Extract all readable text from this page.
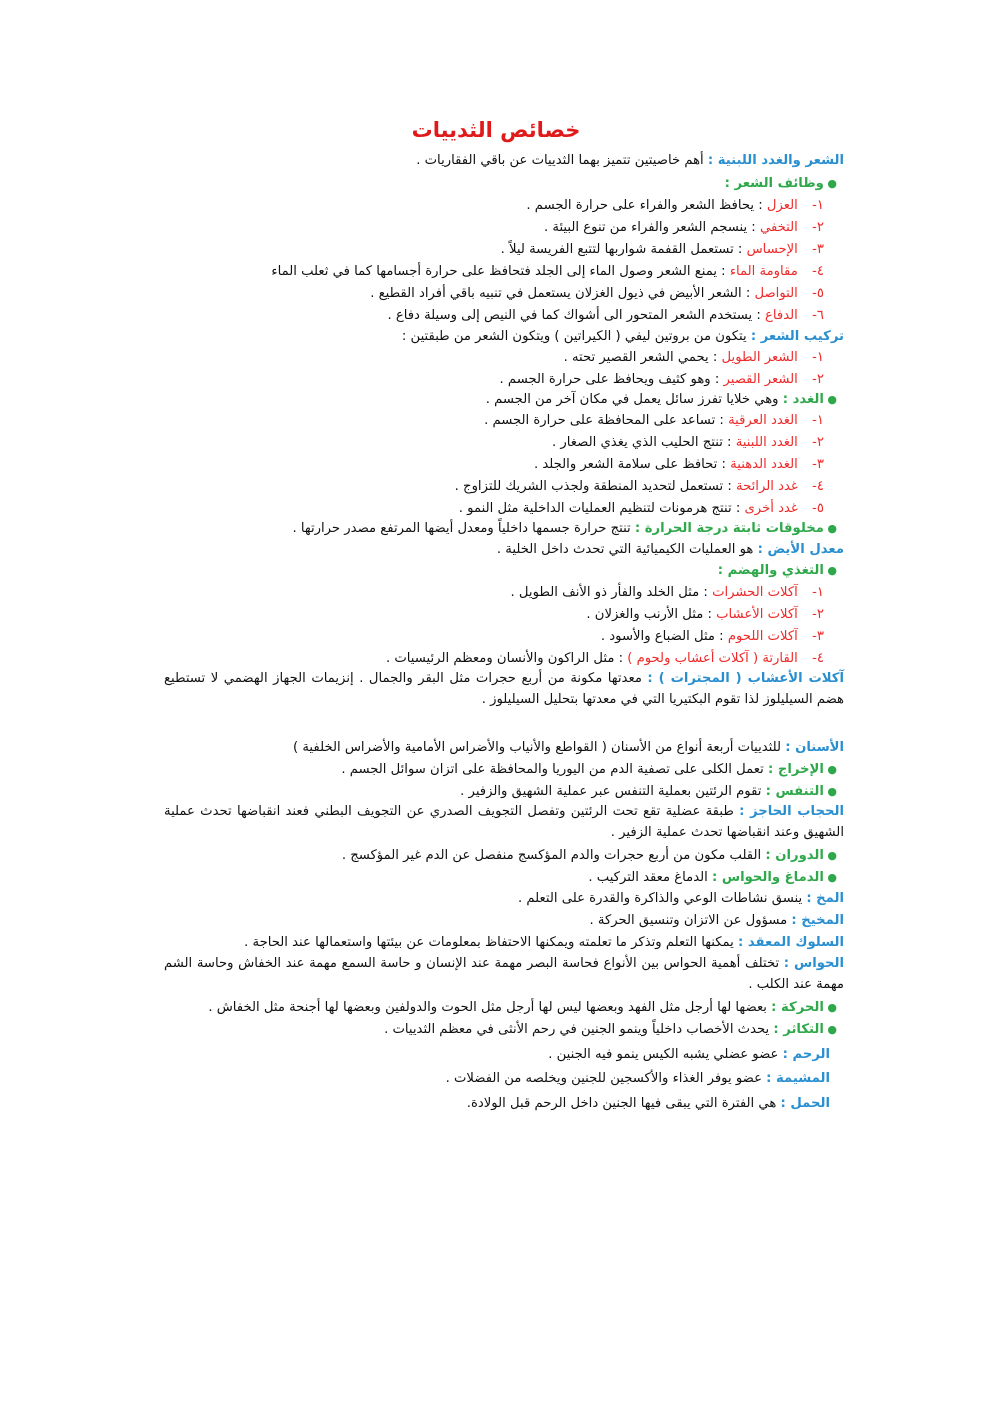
خصائص الثدييات
الشعر والغدد اللبنية : أهم خاصيتين تتميز بهما الثدييات عن باقي الفقاريات .
● وظائف الشعر :
١- العزل : يحافظ الشعر والفراء على حرارة الجسم .
٢- التخفي : ينسجم الشعر والفراء من تنوع البيئة .
٣- الإحساس : تستعمل القفمة شواربها لتتبع الفريسة ليلاً .
٤- مقاومة الماء : يمنع الشعر وصول الماء إلى الجلد فتحافظ على حرارة أجسامها كما في ثعلب الماء
٥- التواصل : الشعر الأبيض في ذيول الغزلان يستعمل في تنبيه باقي أفراد القطيع .
٦- الدفاع : يستخدم الشعر المتحور الى أشواك كما في النيص إلى وسيلة دفاع .
تركيب الشعر : يتكون من بروتين ليفي ( الكيراتين ) ويتكون الشعر من طبقتين :
١- الشعر الطويل : يحمي الشعر القصير تحته .
٢- الشعر القصير : وهو كثيف ويحافظ على حرارة الجسم .
● الغدد : وهي خلايا تفرز سائل يعمل في مكان آخر من الجسم .
١- الغدد العرقية : تساعد على المحافظة على حرارة الجسم .
٢- الغدد اللبنية : تنتج الحليب الذي يغذي الصغار .
٣- الغدد الدهنية : تحافظ على سلامة الشعر والجلد .
٤- غدد الرائحة : تستعمل لتحديد المنطقة ولجذب الشريك للتزاوج .
٥- غدد أخرى : تنتج هرمونات لتنظيم العمليات الداخلية مثل النمو .
● مخلوقات ثابتة درجة الحرارة : تنتج حرارة جسمها داخلياً ومعدل أيضها المرتفع مصدر حرارتها .
معدل الأيض : هو العمليات الكيميائية التي تحدث داخل الخلية .
● التغذي والهضم :
١- آكلات الحشرات : مثل الخلد والفأر ذو الأنف الطويل .
٢- آكلات الأعشاب : مثل الأرنب والغزلان .
٣- آكلات اللحوم : مثل الضباع والأسود .
٤- القارتة ( آكلات أعشاب ولحوم ) : مثل الراكون والأنسان ومعظم الرئيسيات .
آكلات الأعشاب ( المجترات ) : معدتها مكونة من أربع حجرات مثل البقر والجمال . إنزيمات الجهاز الهضمي لا تستطيع هضم السيليلوز لذا تقوم البكتيريا التي في معدتها بتحليل السيليلوز .
الأسنان : للثدييات أربعة أنواع من الأسنان ( القواطع والأنياب والأضراس الأمامية والأضراس الخلفية )
● الإخراج : تعمل الكلى على تصفية الدم من اليوريا والمحافظة على اتزان سوائل الجسم .
● التنفس : تقوم الرئتين بعملية التنفس عبر عملية الشهيق والزفير .
الحجاب الحاجز : طبقة عضلية تقع تحت الرئتين وتفصل التجويف الصدري عن التجويف البطني فعند انقباضها تحدث عملية الشهيق وعند انقباضها تحدث عملية الزفير .
● الدوران : القلب مكون من أربع حجرات والدم المؤكسج منفصل عن الدم غير المؤكسج .
● الدماغ والحواس : الدماغ معقد التركيب .
المخ : ينسق نشاطات الوعي والذاكرة والقدرة على التعلم .
المخيخ : مسؤول عن الاتزان وتنسيق الحركة .
السلوك المعقد : يمكنها التعلم وتذكر ما تعلمته ويمكنها الاحتفاظ بمعلومات عن بيئتها واستعمالها عند الحاجة .
الحواس : تختلف أهمية الحواس بين الأنواع فحاسة البصر مهمة عند الإنسان و حاسة السمع مهمة عند الخفاش وحاسة الشم مهمة عند الكلب .
● الحركة : بعضها لها أرجل مثل الفهد وبعضها ليس لها أرجل مثل الحوت والدولفين وبعضها لها أجنحة مثل الخفاش .
● التكاثر : يحدث الأخصاب داخلياً وينمو الجنين في رحم الأنثى في معظم الثدييات .
الرحم : عضو عضلي يشبه الكيس ينمو فيه الجنين .
المشيمة : عضو يوفر الغذاء والأكسجين للجنين ويخلصه من الفضلات .
الحمل : هي الفترة التي يبقى فيها الجنين داخل الرحم قبل الولادة.
